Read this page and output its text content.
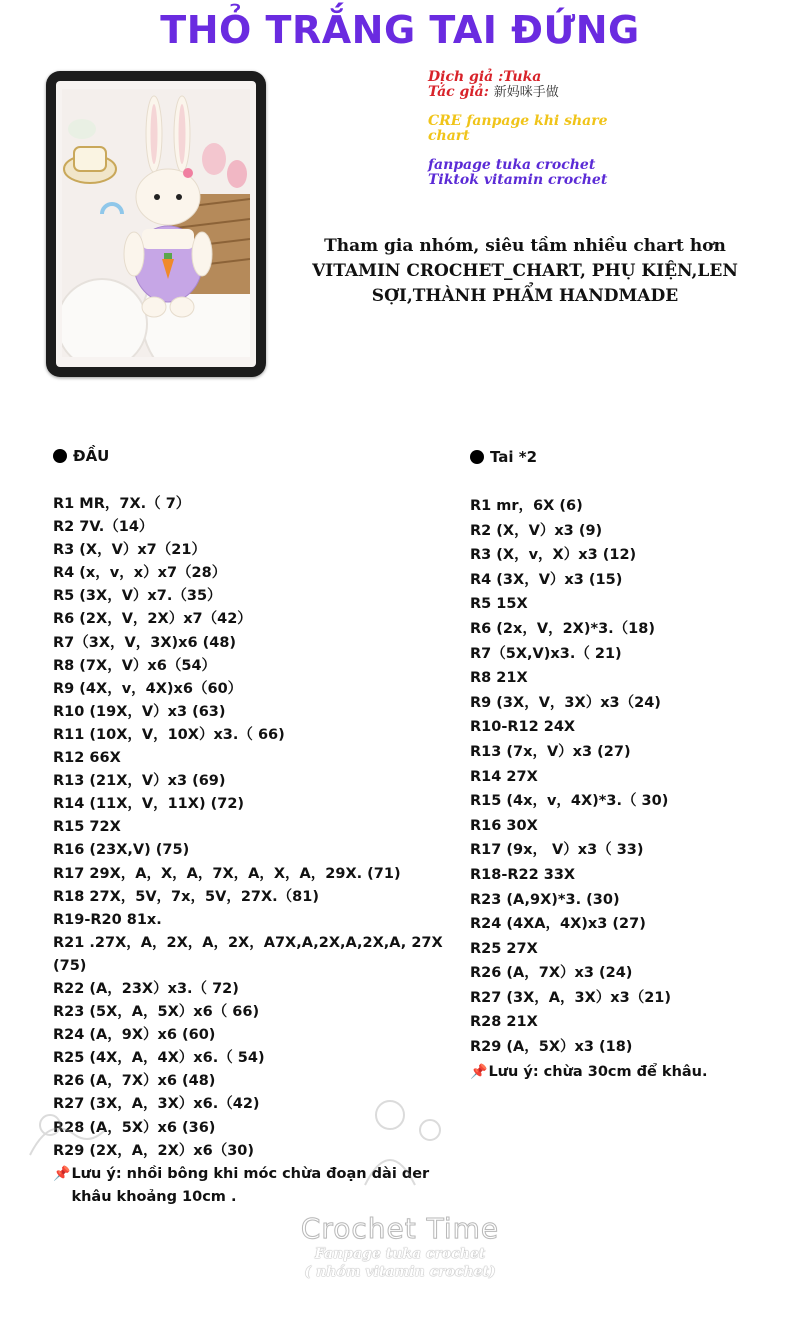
THỎ TRẮNG TAI ĐỨNG

Dịch giả :Tuka

Tác giả: 新妈咪手做

CRE fanpage khi share chart

fanpage tuka crochet

Tiktok vitamin crochet

Tham gia nhóm, siêu tầm nhiều chart hơn VITAMIN CROCHET_CHART, PHỤ KIỆN,LEN SỢI,THÀNH PHẨM HANDMADE
ĐẦU
R1 MR，7X.（ 7）
R2 7V.（14）
R3 (X，V）x7（21）
R4 (x，v，x）x7（28）
R5 (3X，V）x7.（35）
R6 (2X，V，2X）x7（42）
R7（3X，V，3X)x6 (48)
R8 (7X，V）x6（54）
R9 (4X，v，4X)x6（60）
R10 (19X，V）x3 (63)
R11 (10X，V，10X）x3.（ 66)
R12 66X
R13 (21X，V）x3 (69)
R14 (11X，V，11X) (72)
R15 72X
R16 (23X,V) (75)
R17 29X，A，X，A，7X，A，X，A，29X. (71)
R18 27X，5V，7x，5V，27X.（81)
R19-R20 81x.
R21 .27X，A，2X，A，2X，A7X,A,2X,A,2X,A, 27X (75)
R22 (A，23X）x3.（ 72)
R23 (5X，A，5X）x6（ 66)
R24 (A，9X）x6 (60)
R25 (4X，A，4X）x6.（ 54)
R26 (A，7X）x6 (48)
R27 (3X，A，3X）x6.（42)
R28 (A，5X）x6 (36)
R29 (2X，A，2X）x6（30)
📌 Lưu ý: nhồi bông khi móc chừa đoạn dài der khâu khoảng 10cm .
Tai *2
R1 mr，6X (6)
R2 (X，V）x3 (9)
R3 (X，v，X）x3 (12)
R4 (3X，V）x3 (15)
R5 15X
R6 (2x，V，2X)*3.（18)
R7（5X,V)x3.（ 21)
R8 21X
R9 (3X，V，3X）x3（24)
R10-R12 24X
R13 (7x，V）x3 (27)
R14 27X
R15 (4x，v，4X)*3.（ 30)
R16 30X
R17 (9x， V）x3（ 33)
R18-R22 33X
R23 (A,9X)*3. (30)
R24 (4XA，4X)x3 (27)
R25 27X
R26 (A，7X）x3 (24)
R27 (3X，A，3X）x3（21)
R28 21X
R29 (A，5X）x3 (18)
📌 Lưu ý: chừa 30cm để khâu.

Crochet Time

Fanpage tuka crochet

( nhóm vitamin crochet)
